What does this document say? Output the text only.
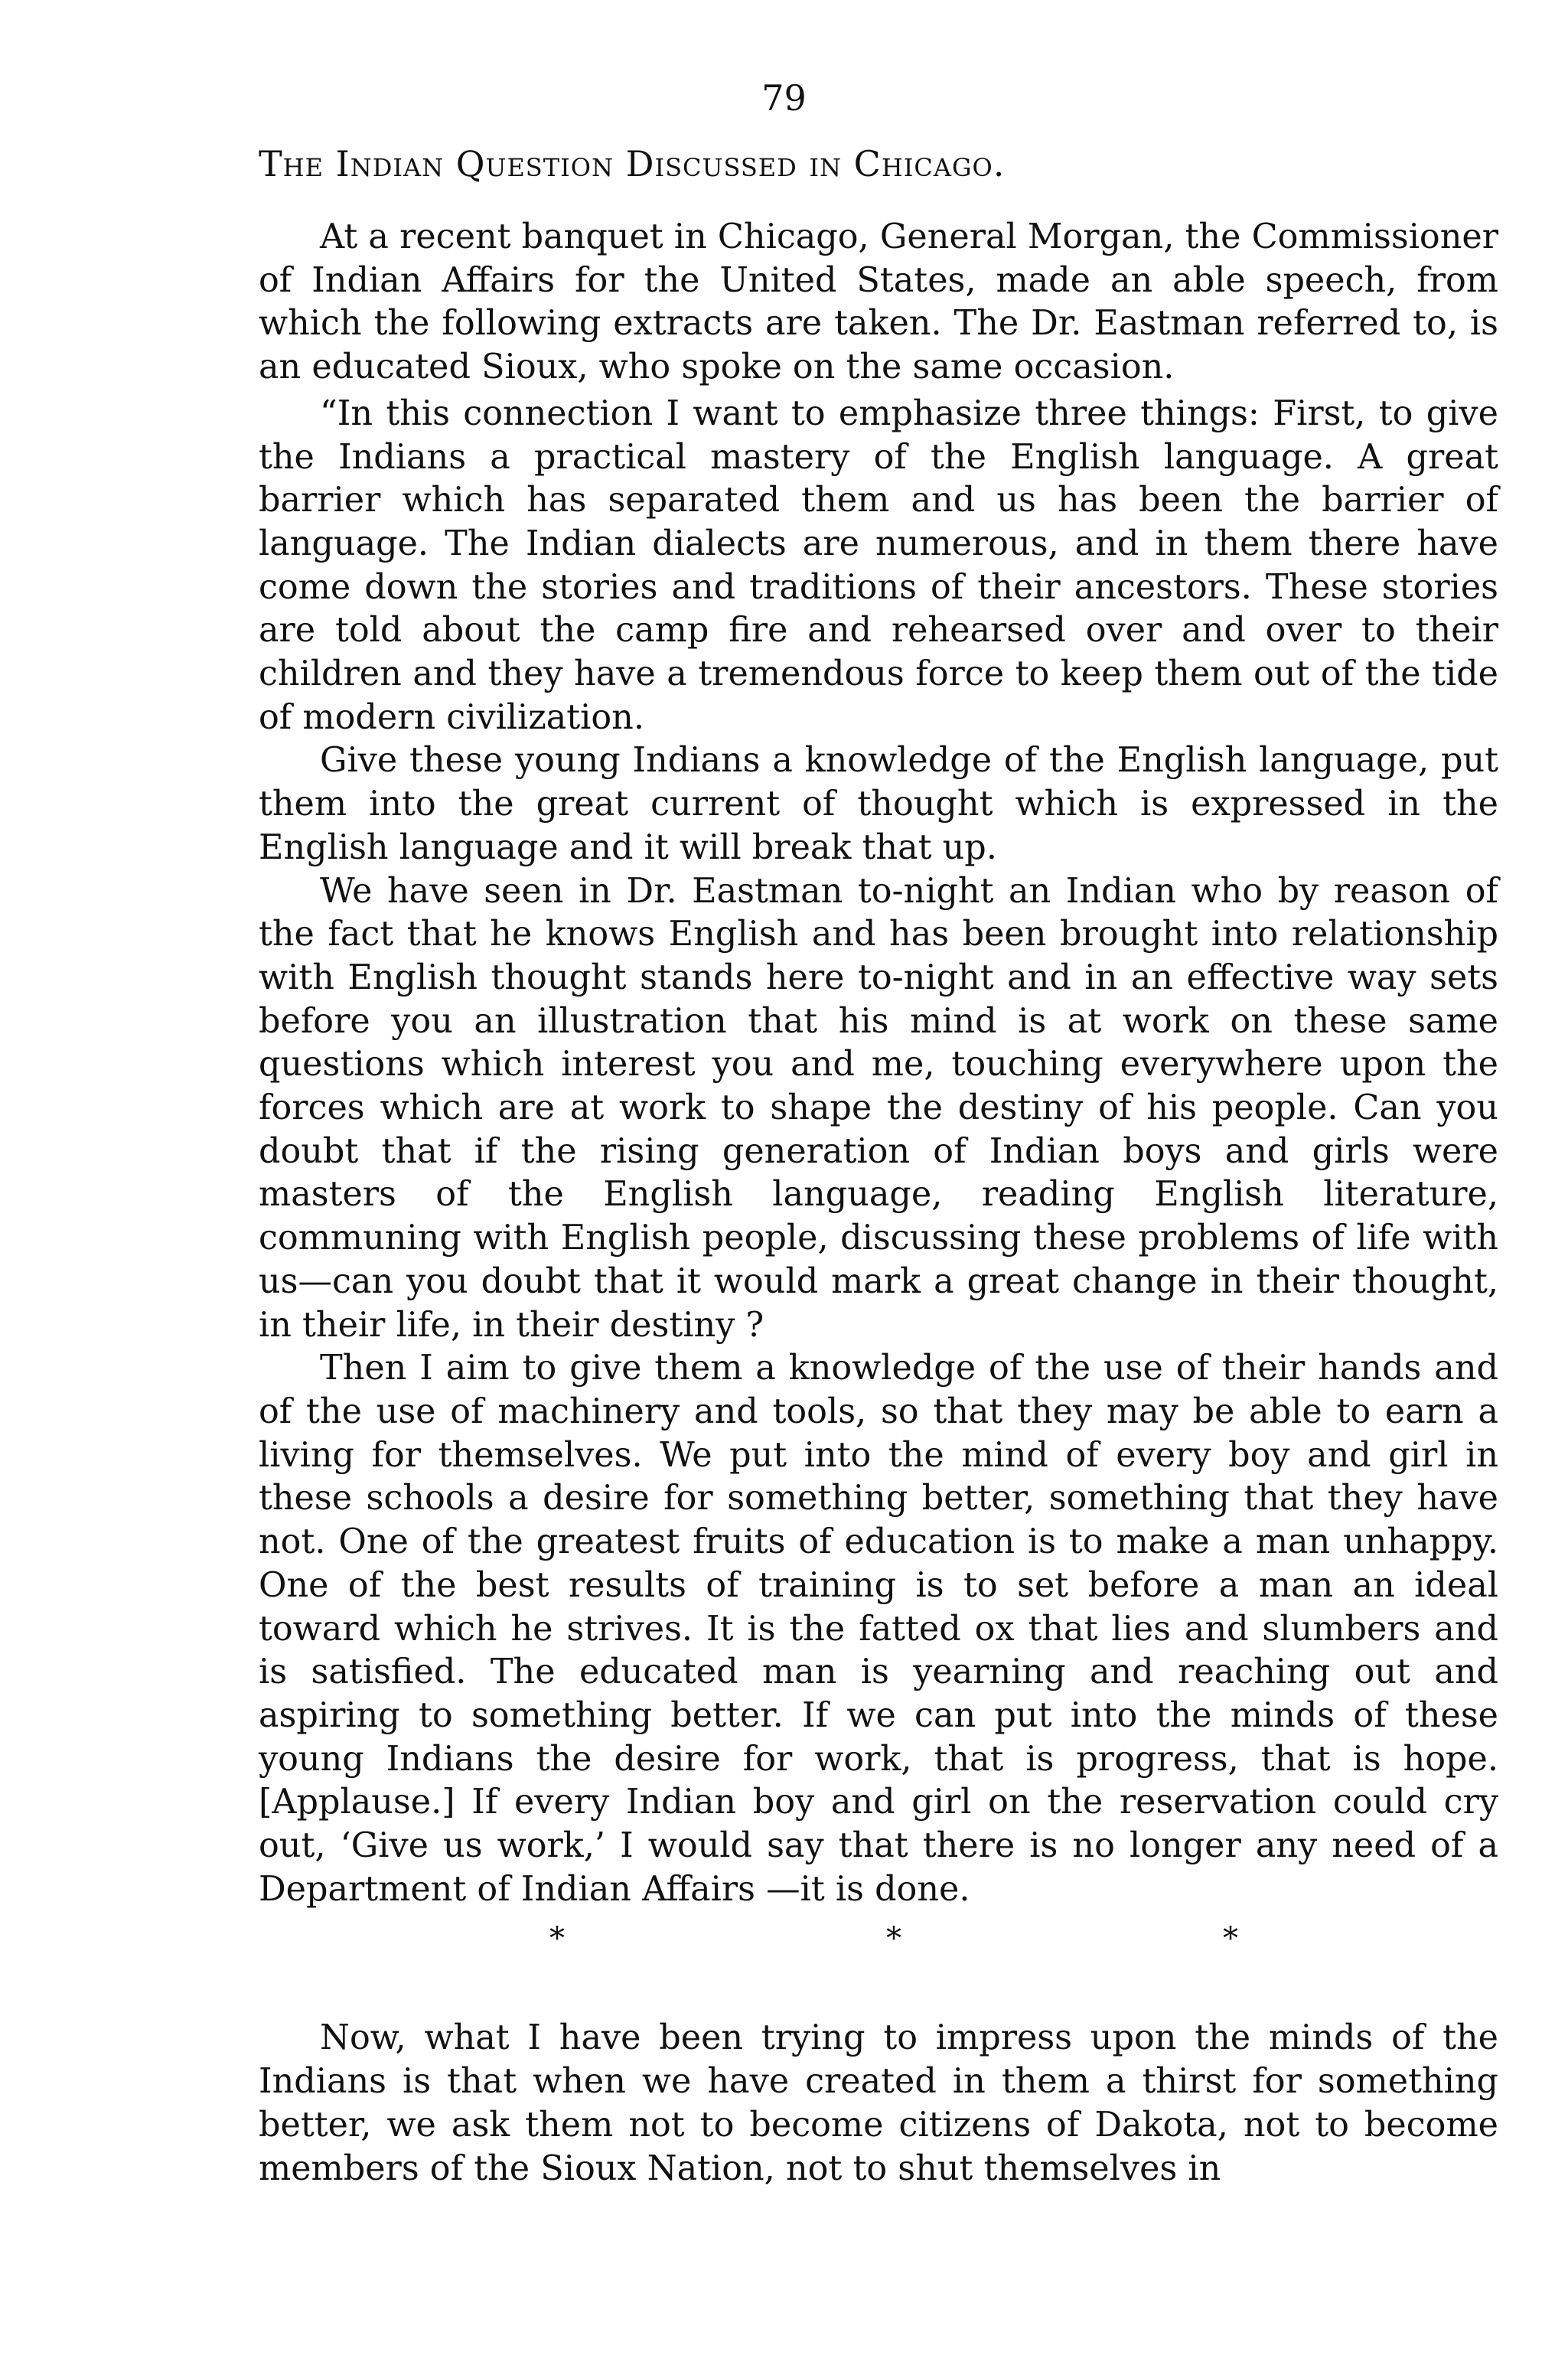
79
The Indian Question Discussed in Chicago.

At a recent banquet in Chicago, General Morgan, the Commissioner of Indian Affairs for the United States, made an able speech, from which the following extracts are taken. The Dr. Eastman referred to, is an educated Sioux, who spoke on the same occasion.

“In this connection I want to emphasize three things: First, to give the Indians a practical mastery of the English language. A great barrier which has separated them and us has been the barrier of language. The Indian dialects are numerous, and in them there have come down the stories and traditions of their ancestors. These stories are told about the camp fire and rehearsed over and over to their children and they have a tremendous force to keep them out of the tide of modern civilization.

Give these young Indians a knowledge of the English language, put them into the great current of thought which is expressed in the English language and it will break that up.

We have seen in Dr. Eastman to-night an Indian who by reason of the fact that he knows English and has been brought into relationship with English thought stands here to-night and in an effective way sets before you an illustration that his mind is at work on these same questions which interest you and me, touching everywhere upon the forces which are at work to shape the destiny of his people. Can you doubt that if the rising generation of Indian boys and girls were masters of the English language, reading English literature, communing with English people, discussing these problems of life with us—can you doubt that it would mark a great change in their thought, in their life, in their destiny ?

Then I aim to give them a knowledge of the use of their hands and of the use of machinery and tools, so that they may be able to earn a living for themselves. We put into the mind of every boy and girl in these schools a desire for something better, something that they have not. One of the greatest fruits of education is to make a man unhappy. One of the best results of training is to set before a man an ideal toward which he strives. It is the fatted ox that lies and slumbers and is satisfied. The educated man is yearning and reaching out and aspiring to something better. If we can put into the minds of these young Indians the desire for work, that is progress, that is hope. [Applause.] If every Indian boy and girl on the reservation could cry out, ‘Give us work,’ I would say that there is no longer any need of a Department of Indian Affairs —it is done.

*	*	*

Now, what I have been trying to impress upon the minds of the Indians is that when we have created in them a thirst for something better, we ask them not to become citizens of Dakota, not to become members of the Sioux Nation, not to shut themselves in
